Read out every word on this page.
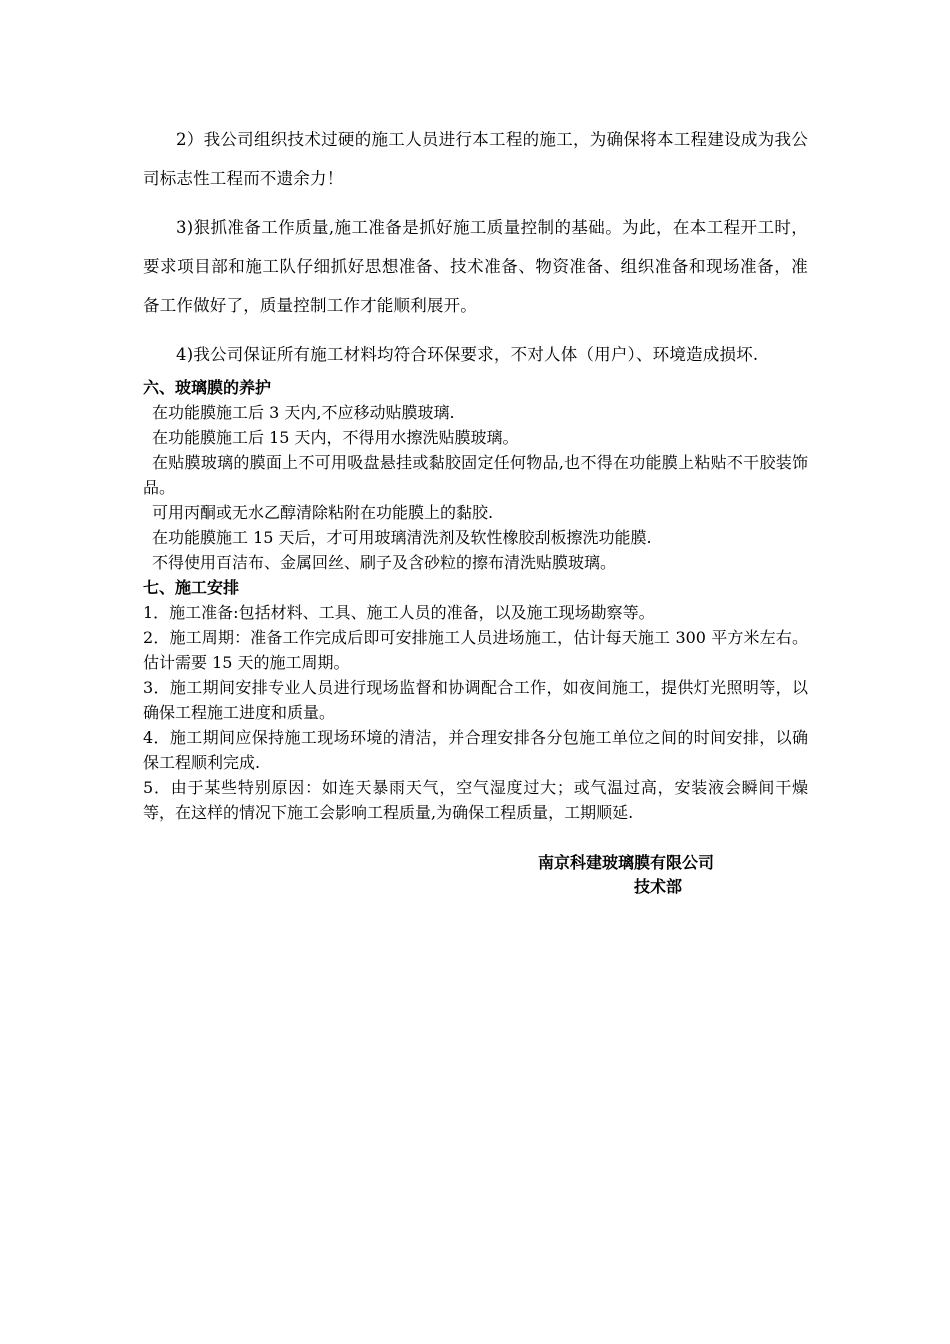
2）我公司组织技术过硬的施工人员进行本工程的施工，为确保将本工程建设成为我公司标志性工程而不遗余力！

3)狠抓准备工作质量,施工准备是抓好施工质量控制的基础。为此，在本工程开工时，要求项目部和施工队仔细抓好思想准备、技术准备、物资准备、组织准备和现场准备，准备工作做好了，质量控制工作才能顺利展开。

4)我公司保证所有施工材料均符合环保要求，不对人体（用户）、环境造成损坏.

六、玻璃膜的养护

在功能膜施工后 3 天内,不应移动贴膜玻璃.

在功能膜施工后 15 天内，不得用水擦洗贴膜玻璃。

在贴膜玻璃的膜面上不可用吸盘悬挂或黏胶固定任何物品,也不得在功能膜上粘贴不干胶装饰品。

可用丙酮或无水乙醇清除粘附在功能膜上的黏胶.

在功能膜施工 15 天后，才可用玻璃清洗剂及软性橡胶刮板擦洗功能膜.

不得使用百洁布、金属回丝、刷子及含砂粒的擦布清洗贴膜玻璃。

七、施工安排

1．施工准备:包括材料、工具、施工人员的准备，以及施工现场勘察等。

2．施工周期：准备工作完成后即可安排施工人员进场施工，估计每天施工 300 平方米左右。估计需要 15 天的施工周期。

3．施工期间安排专业人员进行现场监督和协调配合工作，如夜间施工，提供灯光照明等，以确保工程施工进度和质量。

4．施工期间应保持施工现场环境的清洁，并合理安排各分包施工单位之间的时间安排，以确保工程顺利完成.

5．由于某些特别原因：如连天暴雨天气，空气湿度过大；或气温过高，安装液会瞬间干燥等，在这样的情况下施工会影响工程质量,为确保工程质量，工期顺延.

南京科建玻璃膜有限公司
技术部
